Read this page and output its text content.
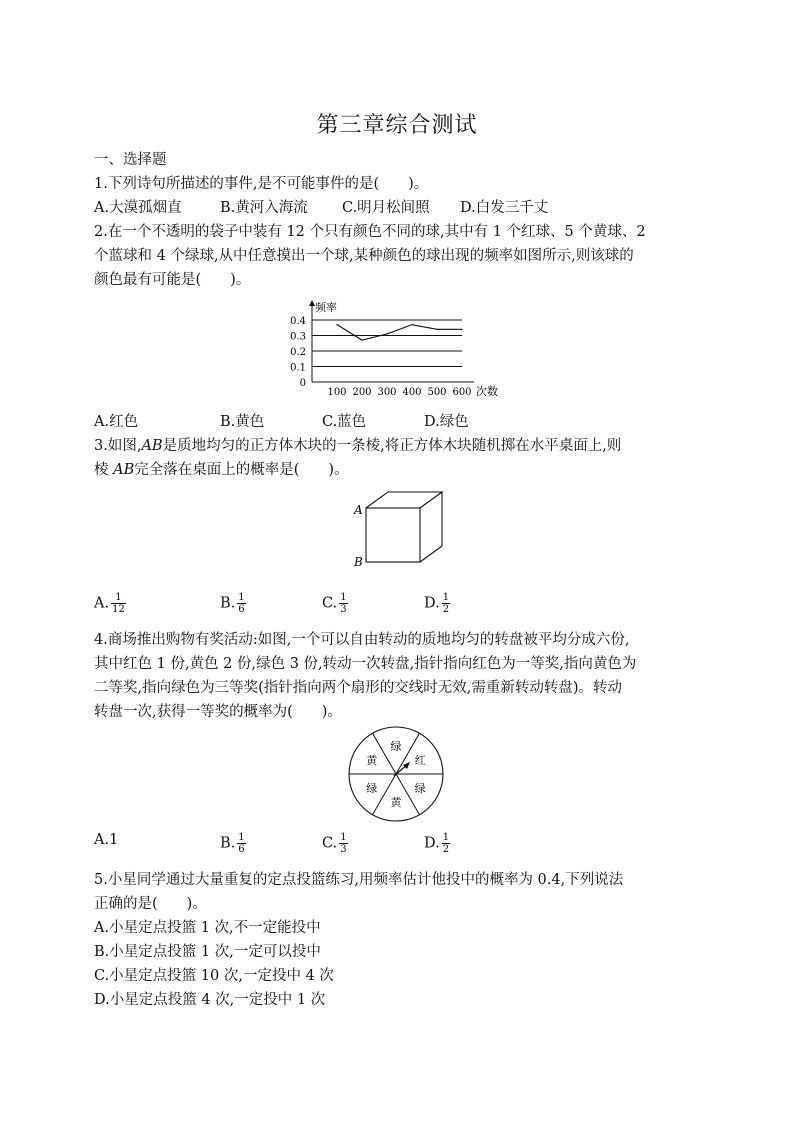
第三章综合测试
一、选择题
1.下列诗句所描述的事件,是不可能事件的是(　　)。
A.大漠孤烟直	B.黄河入海流 C.明月松间照 D.白发三千丈
2.在一个不透明的袋子中装有 12 个只有颜色不同的球,其中有 1 个红球、5 个黄球、2
个蓝球和 4 个绿球,从中任意摸出一个球,某种颜色的球出现的频率如图所示,则该球的
颜色最有可能是(　　)。
0
0.1
0.2
0.3
0.4
100 200 300 400 500 600
频率
次数
A.红色	B.黄色	C.蓝色	D.绿色
3.如图,AB是质地均匀的正方体木块的一条棱,将正方体木块随机掷在水平桌面上,则
棱 AB完全落在桌面上的概率是(　　)。
A
B
A. $\frac{1}{12}$	B. $\frac{1}{6}$	C. $\frac{1}{3}$	D. $\frac{1}{2}$
4.商场推出购物有奖活动:如图,一个可以自由转动的质地均匀的转盘被平均分成六份,
其中红色 1 份,黄色 2 份,绿色 3 份,转动一次转盘,指针指向红色为一等奖,指向黄色为
二等奖,指向绿色为三等奖(指针指向两个扇形的交线时无效,需重新转动转盘)。转动
转盘一次,获得一等奖的概率为(　　)。
绿
红
绿
黄
绿
黄
A.1	B. $\frac{1}{6}$	C. $\frac{1}{3}$	D. $\frac{1}{2}$
5.小星同学通过大量重复的定点投篮练习,用频率估计他投中的概率为 0.4,下列说法
正确的是(　　)。
A.小星定点投篮 1 次,不一定能投中
B.小星定点投篮 1 次,一定可以投中
C.小星定点投篮 10 次,一定投中 4 次
D.小星定点投篮 4 次,一定投中 1 次
